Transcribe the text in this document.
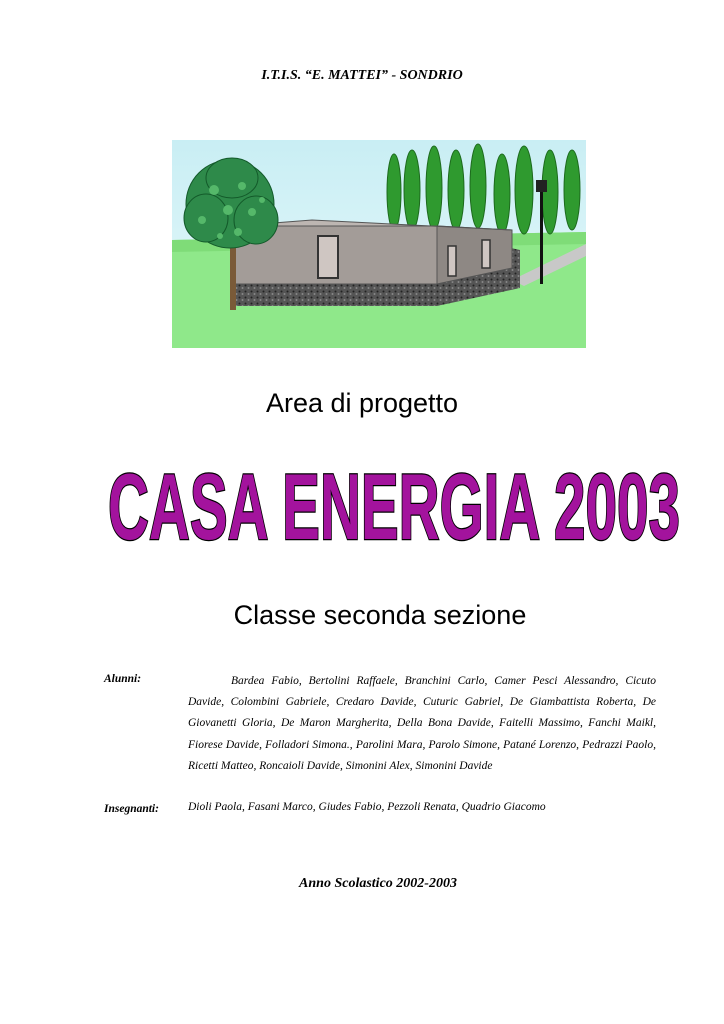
I.T.I.S. “E. MATTEI” - SONDRIO
Area di progetto
CASA ENERGIA 2003
Classe seconda sezione
Alunni:	Bardea Fabio, Bertolini Raffaele, Branchini Carlo, Camer Pesci Alessandro, Cicuto Davide, Colombini Gabriele, Credaro Davide, Cuturic Gabriel, De Giambattista Roberta, De Giovanetti Gloria, De Maron Margherita, Della Bona Davide, Faitelli Massimo, Fanchi Maikl, Fiorese Davide, Folladori Simona., Parolini Mara, Parolo Simone, Patané Lorenzo, Pedrazzi Paolo, Ricetti Matteo, Roncaioli Davide, Simonini Alex, Simonini Davide
Insegnanti:	Dioli Paola, Fasani Marco, Giudes Fabio, Pezzoli Renata, Quadrio Giacomo
Anno Scolastico 2002-2003
